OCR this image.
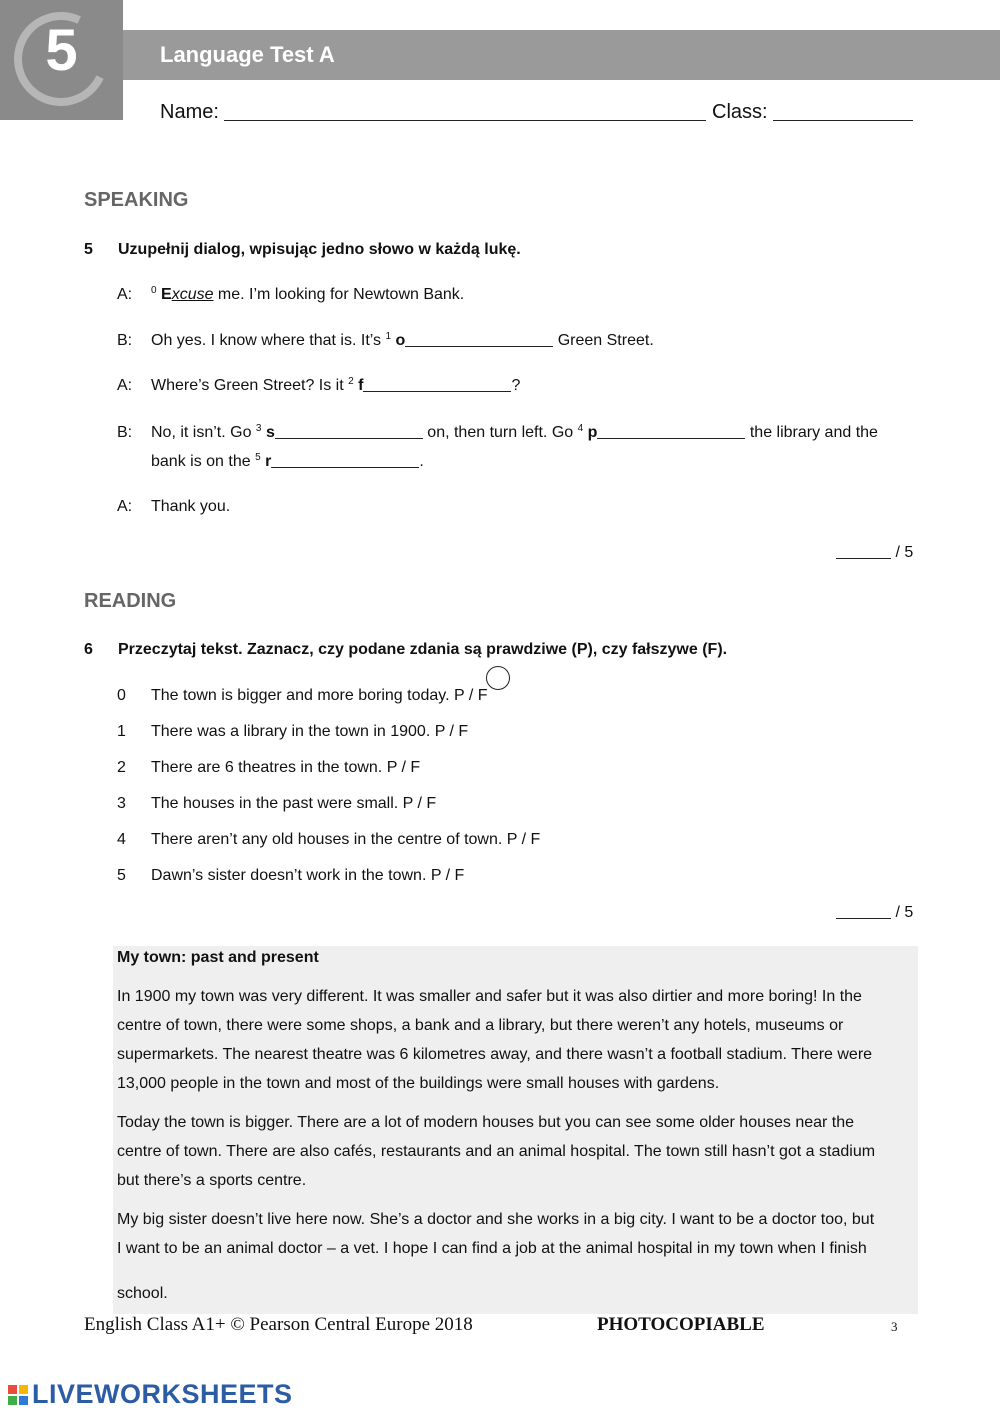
5	Language Test A
Name:	Class:
SPEAKING
5 Uzupełnij dialog, wpisując jedno słowo w każdą lukę.
A: $^0$ Excuse me. I’m looking for Newtown Bank.
B: Oh yes. I know where that is. It’s $^1$ o	Green Street.
A: Where’s Green Street? Is it $^2$ f	?
B: No, it isn’t. Go $^3$ s	on, then turn left. Go $^4$ p	the library and the
bank is on the $^5$ r	.
A: Thank you.
/ 5
READING
6 Przeczytaj tekst. Zaznacz, czy podane zdania są prawdziwe (P), czy fałszywe (F).
0 The town is bigger and more boring today. P / F
1 There was a library in the town in 1900. P / F
2 There are 6 theatres in the town. P / F
3 The houses in the past were small. P / F
4 There aren’t any old houses in the centre of town. P / F
5 Dawn’s sister doesn’t work in the town. P / F
/ 5
My town: past and present
In 1900 my town was very different. It was smaller and safer but it was also dirtier and more boring! In the
centre of town, there were some shops, a bank and a library, but there weren’t any hotels, museums or
supermarkets. The nearest theatre was 6 kilometres away, and there wasn’t a football stadium. There were
13,000 people in the town and most of the buildings were small houses with gardens.
Today the town is bigger. There are a lot of modern houses but you can see some older houses near the
centre of town. There are also cafés, restaurants and an animal hospital. The town still hasn’t got a stadium
but there’s a sports centre.
My big sister doesn’t live here now. She’s a doctor and she works in a big city. I want to be a doctor too, but
I want to be an animal doctor – a vet. I hope I can find a job at the animal hospital in my town when I finish
school.
English Class A1+ © Pearson Central Europe 2018	PHOTOCOPIABLE	3
LIVEWORKSHEETS
